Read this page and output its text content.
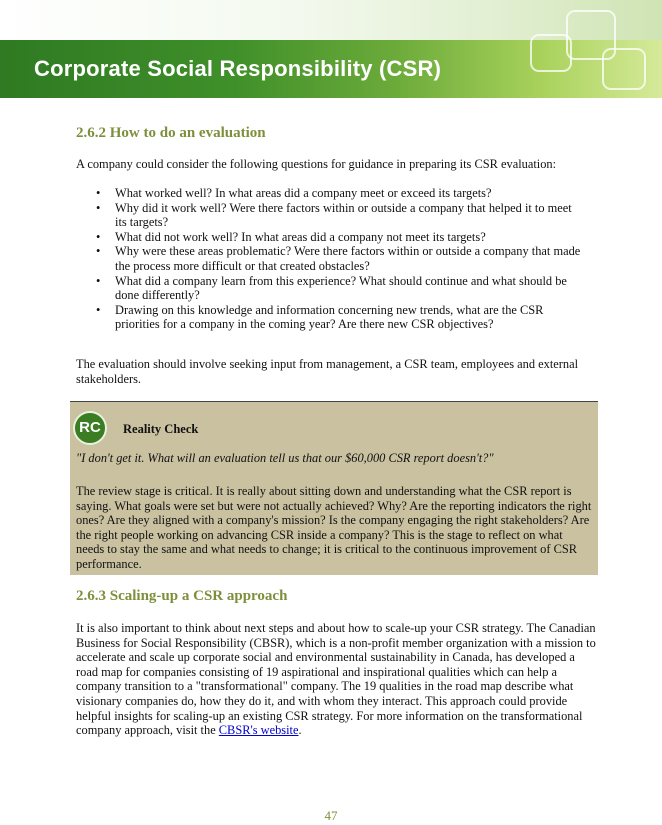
Corporate Social Responsibility (CSR)
2.6.2 How to do an evaluation
A company could consider the following questions for guidance in preparing its CSR evaluation:
• What worked well? In what areas did a company meet or exceed its targets?
• Why did it work well? Were there factors within or outside a company that helped it to meet its targets?
• What did not work well? In what areas did a company not meet its targets?
• Why were these areas problematic? Were there factors within or outside a company that made the process more difficult or that created obstacles?
• What did a company learn from this experience? What should continue and what should be done differently?
• Drawing on this knowledge and information concerning new trends, what are the CSR priorities for a company in the coming year? Are there new CSR objectives?
The evaluation should involve seeking input from management, a CSR team, employees and external stakeholders.
RC	Reality Check
"I don't get it. What will an evaluation tell us that our $60,000 CSR report doesn't?"
The review stage is critical. It is really about sitting down and understanding what the CSR report is saying. What goals were set but were not actually achieved? Why? Are the reporting indicators the right ones? Are they aligned with a company's mission? Is the company engaging the right stakeholders? Are the right people working on advancing CSR inside a company? This is the stage to reflect on what needs to stay the same and what needs to change; it is critical to the continuous improvement of CSR performance.
2.6.3 Scaling-up a CSR approach
It is also important to think about next steps and about how to scale-up your CSR strategy. The Canadian Business for Social Responsibility (CBSR), which is a non-profit member organization with a mission to accelerate and scale up corporate social and environmental sustainability in Canada, has developed a road map for companies consisting of 19 aspirational and inspirational qualities which can help a company transition to a "transformational" company. The 19 qualities in the road map describe what visionary companies do, how they do it, and with whom they interact. This approach could provide helpful insights for scaling-up an existing CSR strategy. For more information on the transformational company approach, visit the CBSR's website.
47
